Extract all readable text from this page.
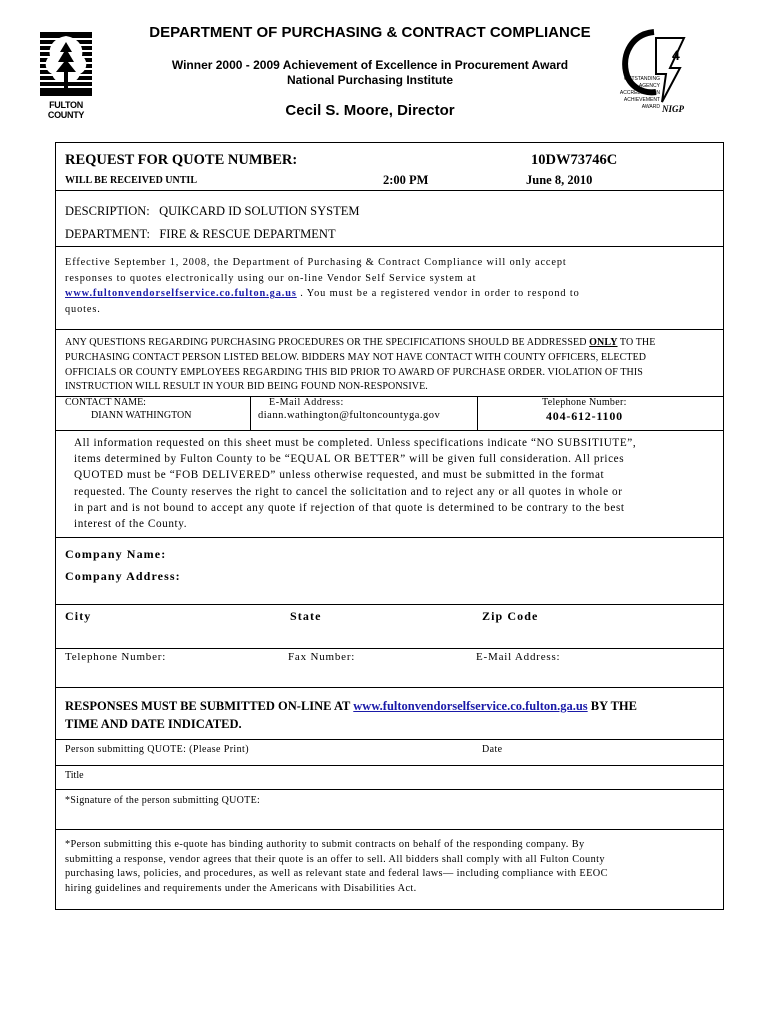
FULTON COUNTY
DEPARTMENT OF PURCHASING & CONTRACT COMPLIANCE
Winner 2000 - 2009 Achievement of Excellence in Procurement Award
National Purchasing Institute
Cecil S. Moore, Director
4
OUTSTANDING
AGENCY
ACCREDITATION
ACHIEVEMENT
AWARD NIGP
REQUEST FOR QUOTE NUMBER:	10DW73746C
WILL BE RECEIVED UNTIL	2:00 PM	June 8, 2010
DESCRIPTION: QUIKCARD ID SOLUTION SYSTEM
DEPARTMENT: FIRE & RESCUE DEPARTMENT
Effective September 1, 2008, the Department of Purchasing & Contract Compliance will only accept
responses to quotes electronically using our on-line Vendor Self Service system at
www.fultonvendorselfservice.co.fulton.ga.us . You must be a registered vendor in order to respond to
quotes.
ANY QUESTIONS REGARDING PURCHASING PROCEDURES OR THE SPECIFICATIONS SHOULD BE ADDRESSED ONLY TO THE
PURCHASING CONTACT PERSON LISTED BELOW. BIDDERS MAY NOT HAVE CONTACT WITH COUNTY OFFICERS, ELECTED
OFFICIALS OR COUNTY EMPLOYEES REGARDING THIS BID PRIOR TO AWARD OF PURCHASE ORDER. VIOLATION OF THIS
INSTRUCTION WILL RESULT IN YOUR BID BEING FOUND NON-RESPONSIVE.
CONTACT NAME:
DIANN WATHINGTON
E-Mail Address:
diann.wathington@fultoncountyga.gov
Telephone Number:
404-612-1100
All information requested on this sheet must be completed. Unless specifications indicate “NO SUBSITIUTE”,
items determined by Fulton County to be “EQUAL OR BETTER” will be given full consideration. All prices
QUOTED must be “FOB DELIVERED” unless otherwise requested, and must be submitted in the format
requested. The County reserves the right to cancel the solicitation and to reject any or all quotes in whole or
in part and is not bound to accept any quote if rejection of that quote is determined to be contrary to the best
interest of the County.
Company Name:
Company Address:
City	State	Zip Code
Telephone Number:	Fax Number:	E-Mail Address:
RESPONSES MUST BE SUBMITTED ON-LINE AT www.fultonvendorselfservice.co.fulton.ga.us BY THE
TIME AND DATE INDICATED.
Person submitting QUOTE: (Please Print)	Date
Title
*Signature of the person submitting QUOTE:
*Person submitting this e-quote has binding authority to submit contracts on behalf of the responding company. By
submitting a response, vendor agrees that their quote is an offer to sell. All bidders shall comply with all Fulton County
purchasing laws, policies, and procedures, as well as relevant state and federal laws— including compliance with EEOC
hiring guidelines and requirements under the Americans with Disabilities Act.
